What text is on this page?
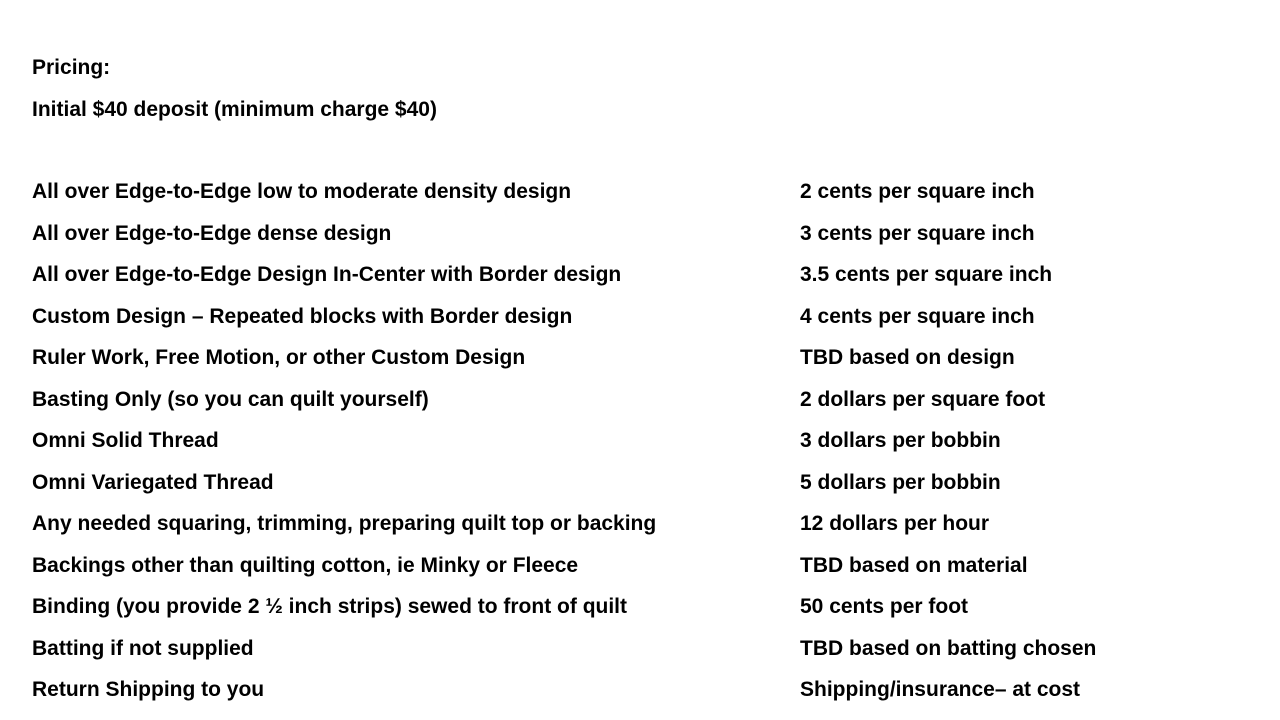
Pricing:
Initial $40 deposit (minimum charge $40)
All over Edge-to-Edge low to moderate density design	2 cents per square inch
All over Edge-to-Edge dense design	3 cents per square inch
All over Edge-to-Edge Design In-Center with Border design	3.5 cents per square inch
Custom Design – Repeated blocks with Border design	4 cents per square inch
Ruler Work, Free Motion, or other Custom Design	TBD based on design
Basting Only (so you can quilt yourself)	2 dollars per square foot
Omni Solid Thread	3 dollars per bobbin
Omni Variegated Thread	5 dollars per bobbin
Any needed squaring, trimming, preparing quilt top or backing	12 dollars per hour
Backings other than quilting cotton, ie Minky or Fleece	TBD based on material
Binding (you provide 2 ½ inch strips) sewed to front of quilt	50 cents per foot
Batting if not supplied	TBD based on batting chosen
Return Shipping to you	Shipping/insurance– at cost
